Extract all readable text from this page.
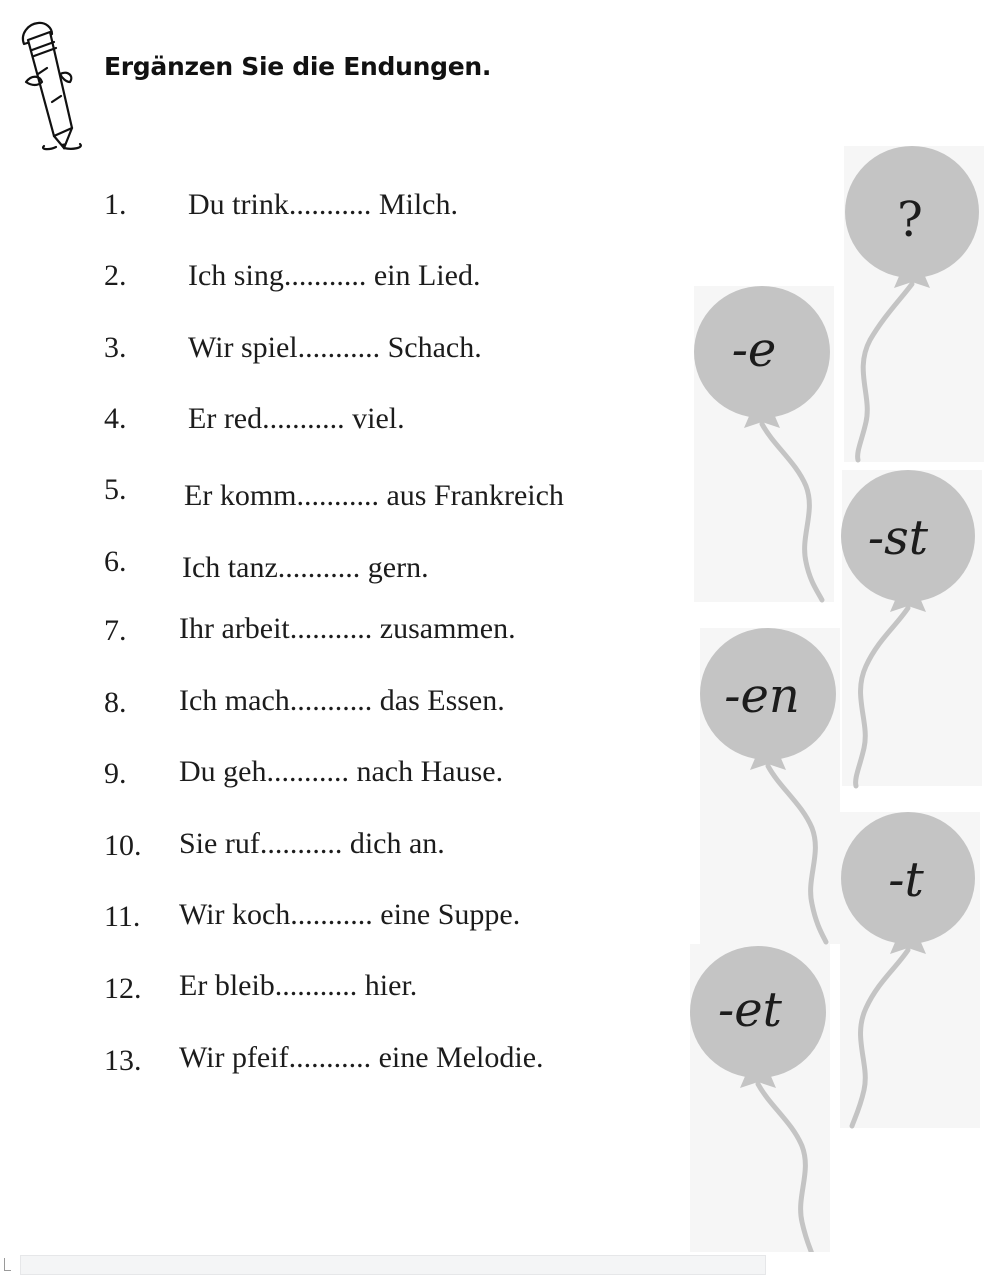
Ergänzen Sie die Endungen.
1. Du trink........... Milch.
2. Ich sing........... ein Lied.
3. Wir spiel........... Schach.
4. Er red........... viel.
5. Er komm........... aus Frankreich
6. Ich tanz........... gern.
7. Ihr arbeit........... zusammen.
8. Ich mach........... das Essen.
9. Du geh........... nach Hause.
10. Sie ruf........... dich an.
11. Wir koch........... eine Suppe.
12. Er bleib........... hier.
13. Wir pfeif........... eine Melodie.
?
-e
-st
-en
-t
-et
